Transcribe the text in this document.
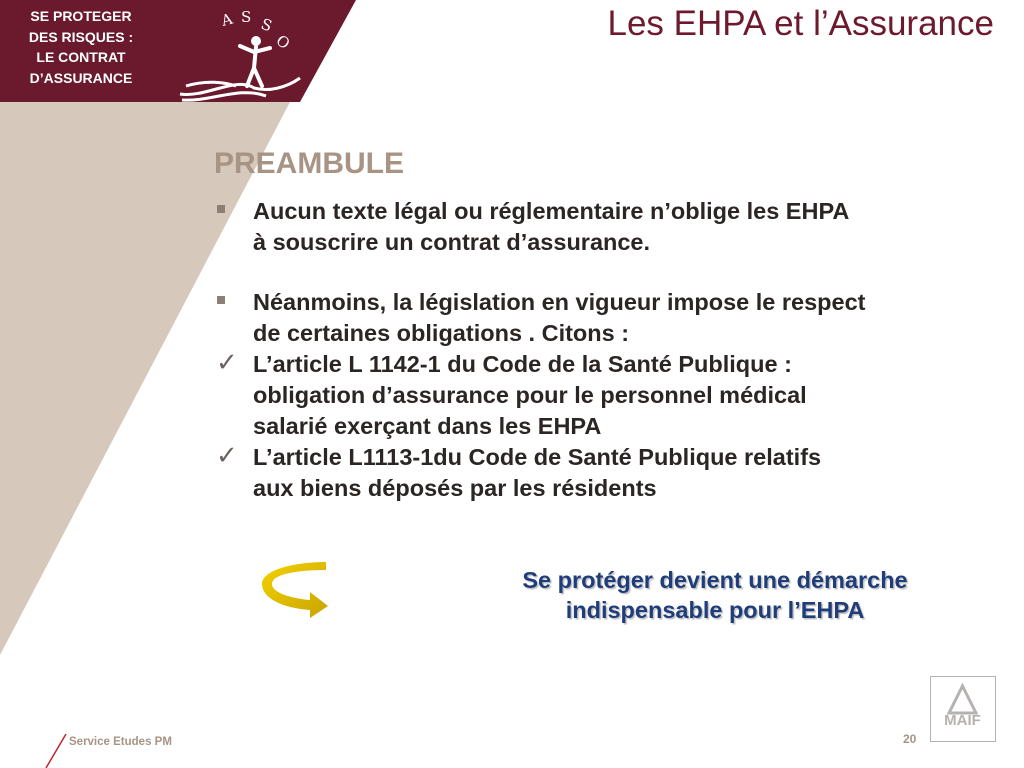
SE PROTEGER
DES RISQUES :
LE CONTRAT
D’ASSURANCE
A S S
O	Les EHPA et l’Assurance
PREAMBULE
Aucun texte légal ou réglementaire n’oblige les EHPA
à souscrire un contrat d’assurance.
Néanmoins, la législation en vigueur impose le respect
de certaines obligations . Citons :
✓ L’article L 1142-1 du Code de la Santé Publique :
obligation d’assurance pour le personnel médical
salarié exerçant dans les EHPA
✓ L’article L1113-1du Code de Santé Publique relatifs
aux biens déposés par les résidents
Se protéger devient une démarche
indispensable pour l’EHPA
Service Etudes PM	20
MAIF
